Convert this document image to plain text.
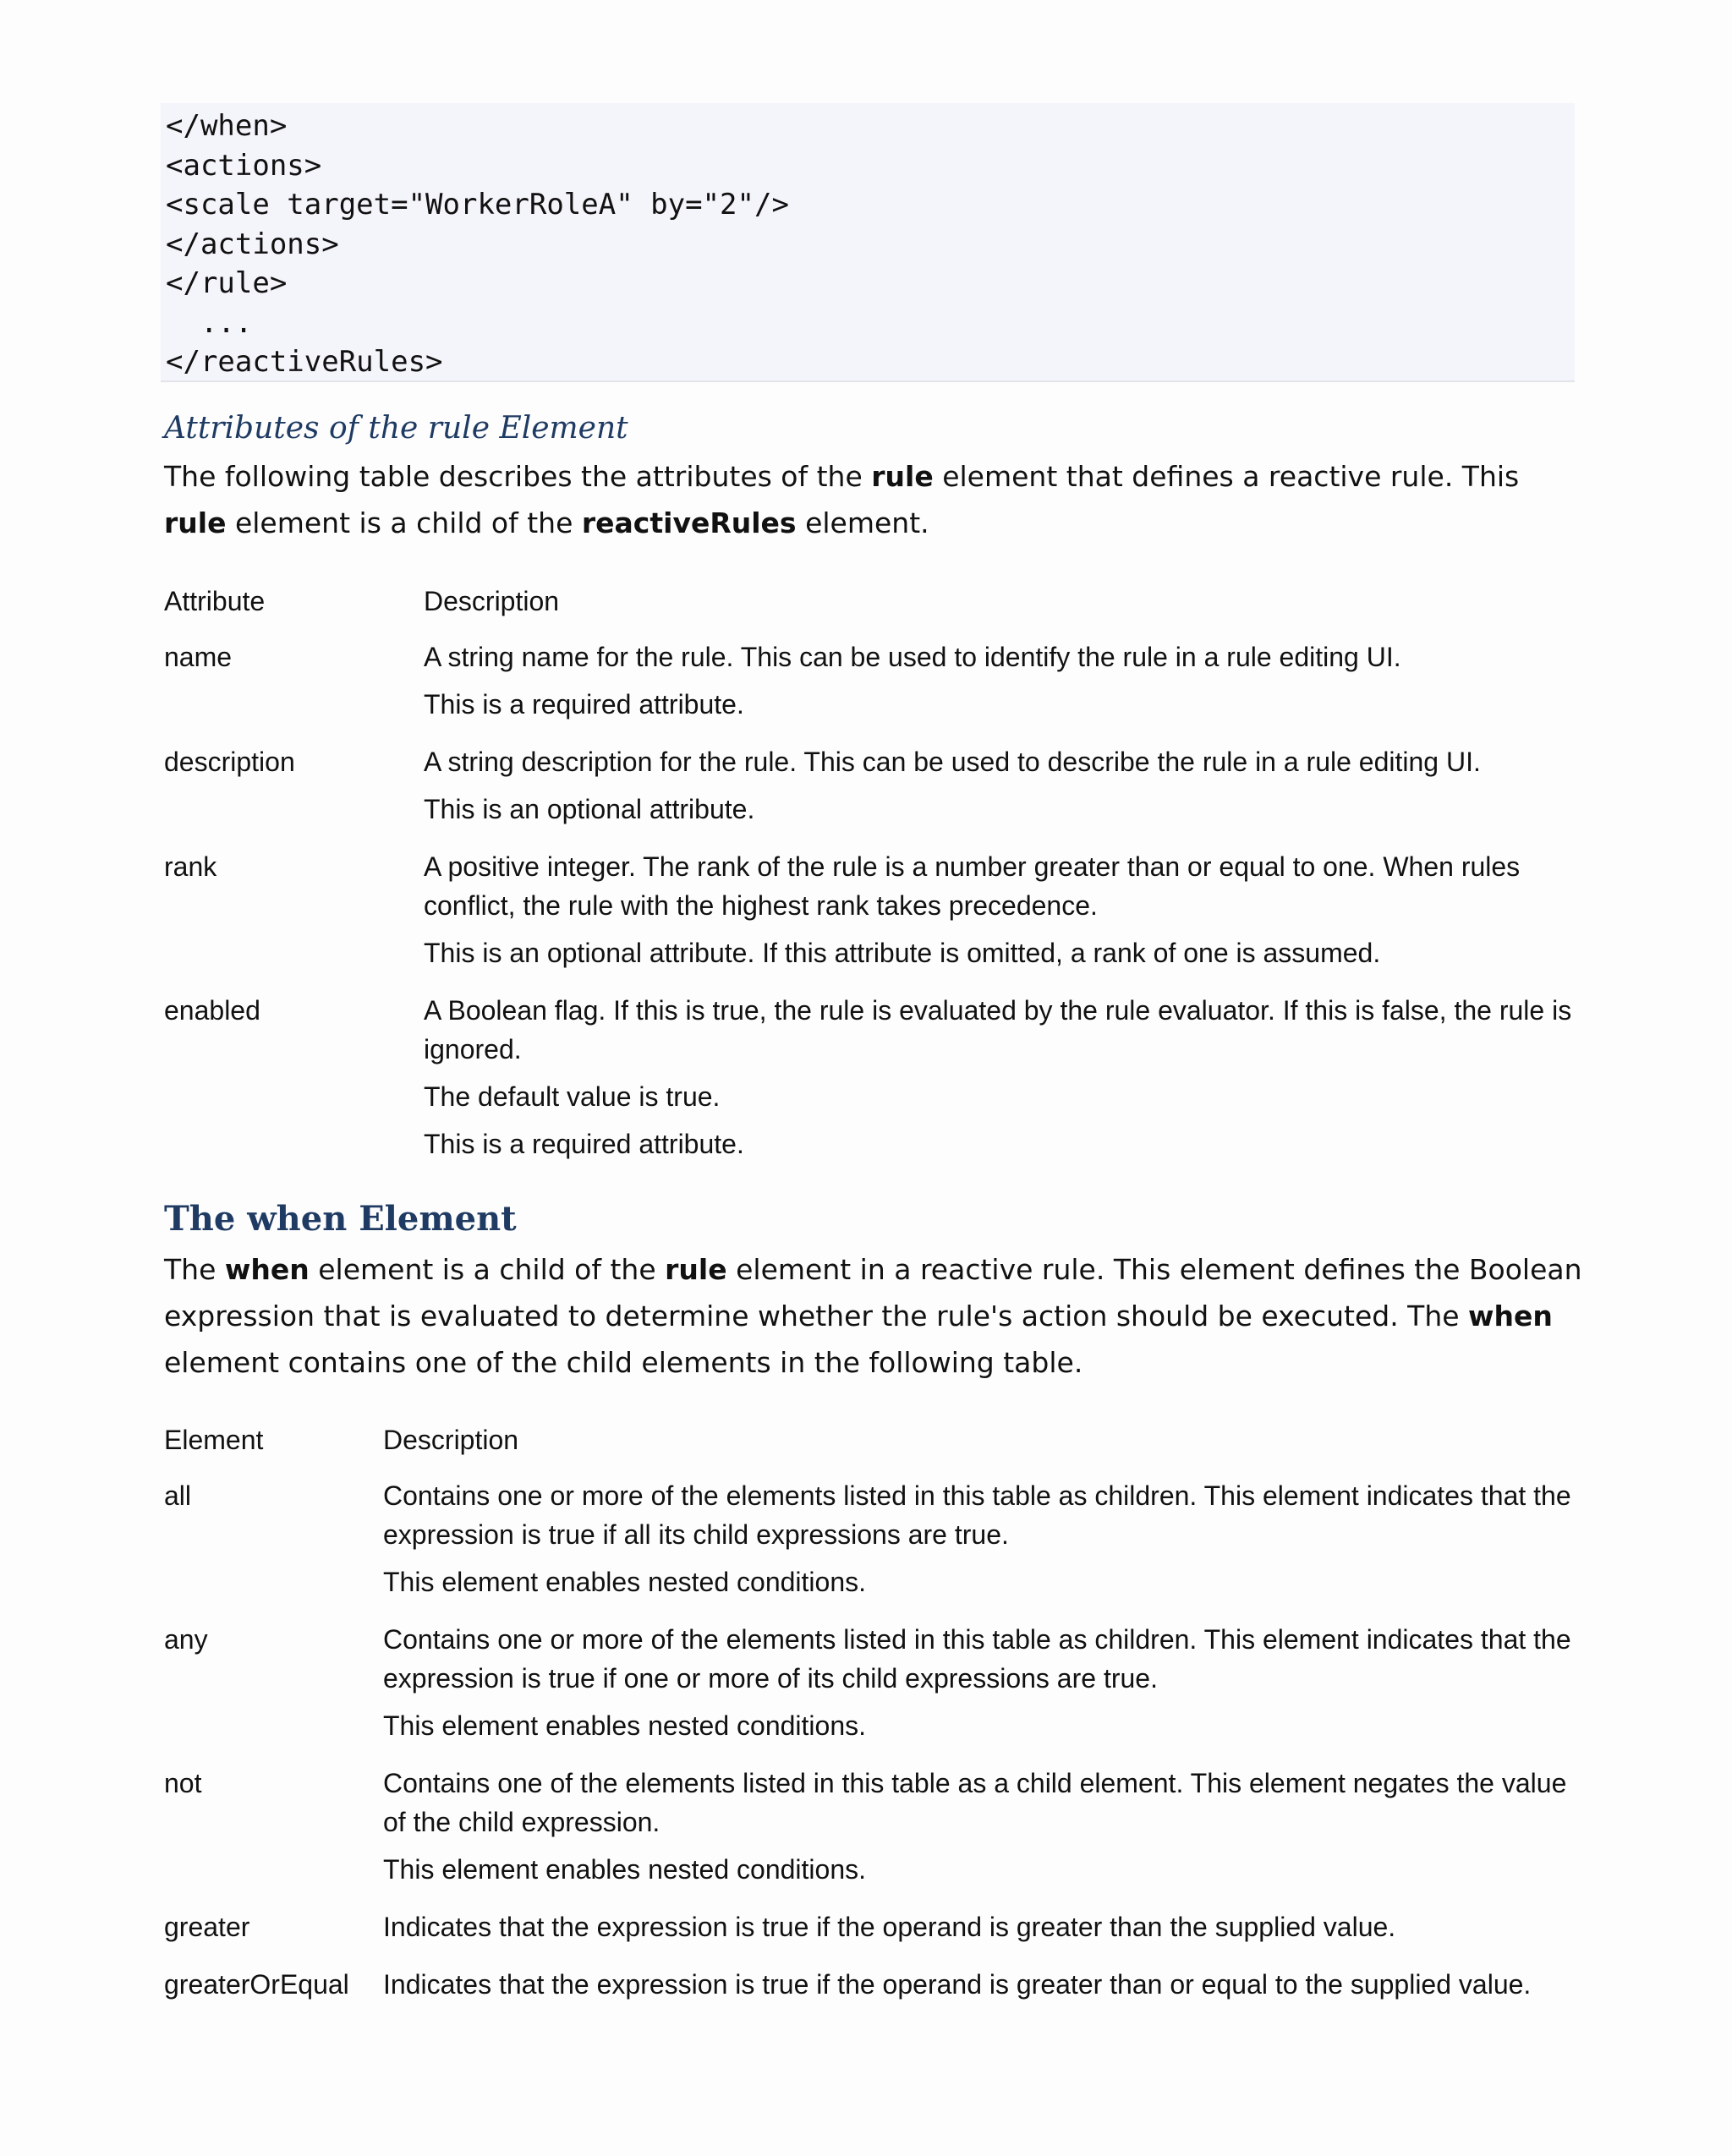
</when>
<actions>
<scale target="WorkerRoleA" by="2"/>
</actions>
</rule>
...
</reactiveRules>
Attributes of the rule Element
The following table describes the attributes of the rule element that defines a reactive rule. This rule element is a child of the reactiveRules element.
Attribute	Description
name	A string name for the rule. This can be used to identify the rule in a rule editing UI.
This is a required attribute.
description	A string description for the rule. This can be used to describe the rule in a rule editing UI.
This is an optional attribute.
rank	A positive integer. The rank of the rule is a number greater than or equal to one. When rules conflict, the rule with the highest rank takes precedence.
This is an optional attribute. If this attribute is omitted, a rank of one is assumed.
enabled	A Boolean flag. If this is true, the rule is evaluated by the rule evaluator. If this is false, the rule is ignored.
The default value is true.
This is a required attribute.
The when Element
The when element is a child of the rule element in a reactive rule. This element defines the Boolean expression that is evaluated to determine whether the rule's action should be executed. The when element contains one of the child elements in the following table.
Element	Description
all	Contains one or more of the elements listed in this table as children. This element indicates that the expression is true if all its child expressions are true.
This element enables nested conditions.
any	Contains one or more of the elements listed in this table as children. This element indicates that the expression is true if one or more of its child expressions are true.
This element enables nested conditions.
not	Contains one of the elements listed in this table as a child element. This element negates the value of the child expression.
This element enables nested conditions.
greater	Indicates that the expression is true if the operand is greater than the supplied value.
greaterOrEqual	Indicates that the expression is true if the operand is greater than or equal to the supplied value.
